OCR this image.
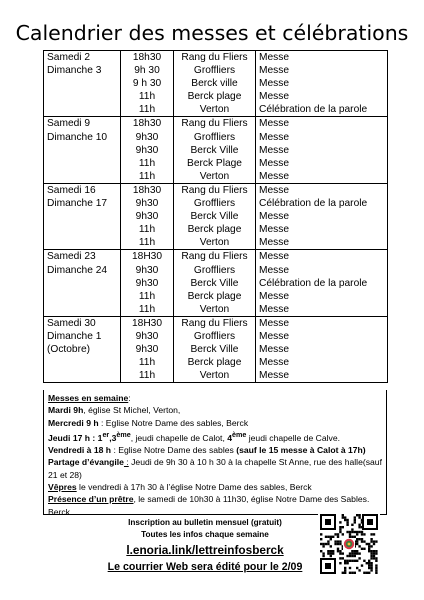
Calendrier des messes et célébrations
Samedi 2	18h30	Rang du Fliers	Messe
Dimanche 3	9h 30	Groffliers	Messe
	9 h 30	Berck ville	Messe
	11h	Berck plage	Messe
	11h	Verton	Célébration de la parole
Samedi 9	18h30	Rang du Fliers	Messe
Dimanche 10	9h30	Groffliers	Messe
	9h30	Berck Ville	Messe
	11h	Berck Plage	Messe
	11h	Verton	Messe
Samedi 16	18h30	Rang du Fliers	Messe
Dimanche 17	9h30	Groffliers	Célébration de la parole
	9h30	Berck Ville	Messe
	11h	Berck plage	Messe
	11h	Verton	Messe
Samedi 23	18H30	Rang du Fliers	Messe
Dimanche 24	9h30	Groffliers	Messe
	9h30	Berck Ville	Célébration de la parole
	11h	Berck plage	Messe
	11h	Verton	Messe
Samedi 30	18H30	Rang du Fliers	Messe
Dimanche 1	9h30	Groffliers	Messe
(Octobre)	9h30	Berck Ville	Messe
	11h	Berck plage	Messe
	11h	Verton	Messe

Messes en semaine:

Mardi 9h, église St Michel, Verton,

Mercredi 9 h : Eglise Notre Dame des sables, Berck

Jeudi 17 h : 1er,3ème, jeudi chapelle de Calot, 4ème jeudi chapelle de Calve.

Vendredi à 18 h : Eglise Notre Dame des sables (sauf le 15 messe à Calot à 17h)

Partage d’évangile : Jeudi de 9h 30 à 10 h 30 à la chapelle St Anne, rue des halle(sauf 21 et 28)

Vêpres le vendredi à 17h 30 à l’église Notre Dame des sables, Berck

Présence d’un prêtre, le samedi de 10h30 à 11h30, église Notre Dame des Sables. Berck.

Inscription au bulletin mensuel (gratuit)
Toutes les infos chaque semaine
l.enoria.link/lettreinfosberck
Le courrier Web sera édité pour le 2/09
